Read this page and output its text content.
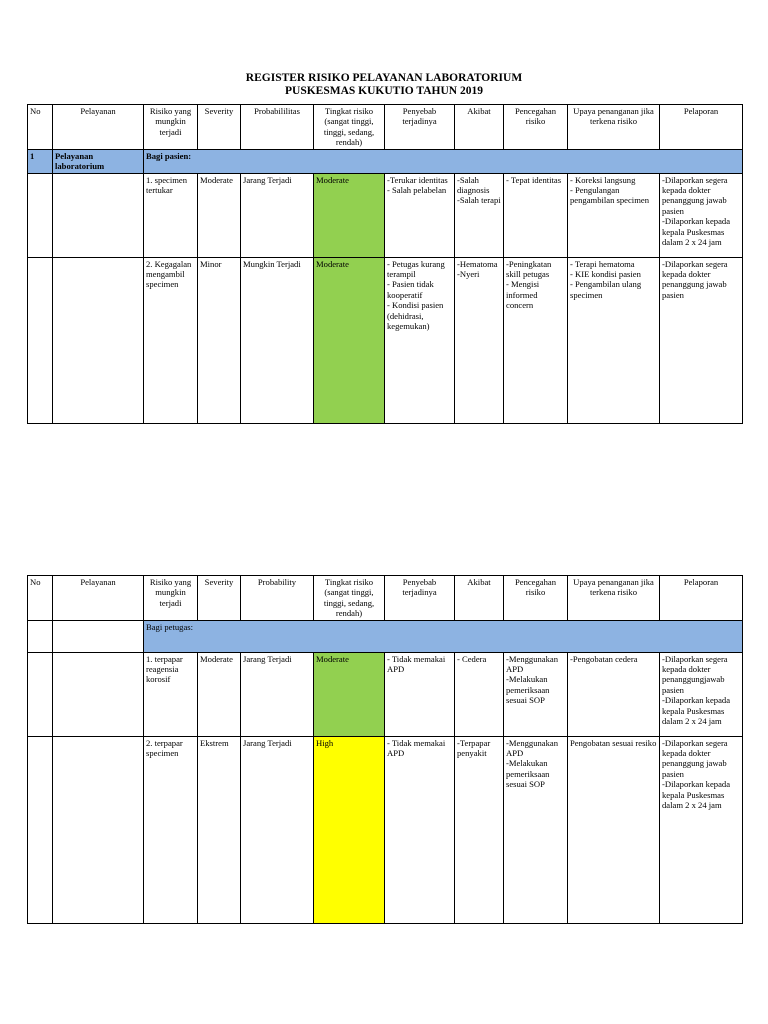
REGISTER RISIKO PELAYANAN LABORATORIUM
PUSKESMAS KUKUTIO TAHUN 2019
No	Pelayanan	Risiko yang mungkin terjadi	Severity	Probabililitas	Tingkat risiko (sangat tinggi, tinggi, sedang, rendah)	Penyebab terjadinya	Akibat	Pencegahan risiko	Upaya penanganan jika terkena risiko	Pelaporan
1	Pelayanan laboratorium	Bagi pasien:								
		1. specimen tertukar	Moderate	Jarang Terjadi	Moderate	-Terukar identitas
- Salah pelabelan	-Salah diagnosis
-Salah terapi	- Tepat identitas	- Koreksi langsung
- Pengulangan pengambilan specimen	-Dilaporkan segera kepada dokter penanggung jawab pasien
-Dilaporkan kepada kepala Puskesmas dalam 2 x 24 jam
		2. Kegagalan mengambil specimen	Minor	Mungkin Terjadi	Moderate	- Petugas kurang terampil
- Pasien tidak kooperatif
- Kondisi pasien (dehidrasi, kegemukan)	-Hematoma
-Nyeri	-Peningkatan skill petugas
- Mengisi informed concern	- Terapi hematoma
- KIE kondisi pasien
- Pengambilan ulang specimen	-Dilaporkan segera kepada dokter penanggung jawab pasien
No	Pelayanan	Risiko yang mungkin terjadi	Severity	Probability	Tingkat risiko (sangat tinggi, tinggi, sedang, rendah)	Penyebab terjadinya	Akibat	Pencegahan risiko	Upaya penanganan jika terkena risiko	Pelaporan
		Bagi petugas:								
		1. terpapar reagensia korosif	Moderate	Jarang Terjadi	Moderate	- Tidak memakai APD	- Cedera	-Menggunakan APD
-Melakukan pemeriksaan sesuai SOP	-Pengobatan cedera	-Dilaporkan segera kepada dokter penanggungjawab pasien
-Dilaporkan kepada kepala Puskesmas dalam 2 x 24 jam
		2. terpapar specimen	Ekstrem	Jarang Terjadi	High	- Tidak memakai APD	-Terpapar penyakit	-Menggunakan APD
-Melakukan pemeriksaan sesuai SOP	Pengobatan sesuai resiko	-Dilaporkan segera kepada dokter penanggung jawab pasien
-Dilaporkan kepada kepala Puskesmas dalam 2 x 24 jam
